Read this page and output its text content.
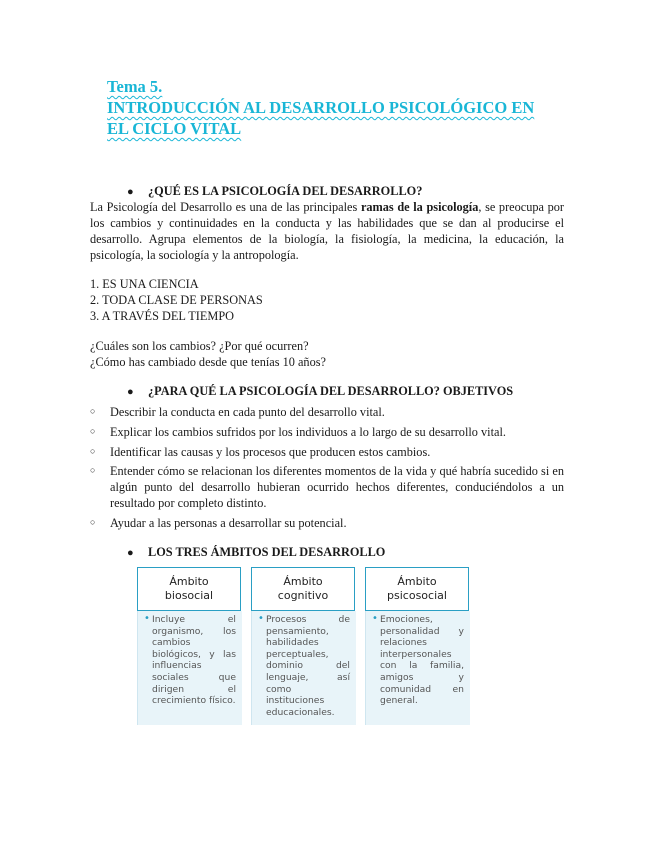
Tema 5.
INTRODUCCIÓN AL DESARROLLO PSICOLÓGICO EN
EL CICLO VITAL
● ¿QUÉ ES LA PSICOLOGÍA DEL DESARROLLO?
La Psicología del Desarrollo es una de las principales ramas de la psicología, se preocupa por los cambios y continuidades en la conducta y las habilidades que se dan al producirse el desarrollo. Agrupa elementos de la biología, la fisiología, la medicina, la educación, la psicología, la sociología y la antropología.
1. ES UNA CIENCIA
2. TODA CLASE DE PERSONAS
3. A TRAVÉS DEL TIEMPO
¿Cuáles son los cambios? ¿Por qué ocurren?
¿Cómo has cambiado desde que tenías 10 años?
● ¿PARA QUÉ LA PSICOLOGÍA DEL DESARROLLO? OBJETIVOS
○ Describir la conducta en cada punto del desarrollo vital.
○ Explicar los cambios sufridos por los individuos a lo largo de su desarrollo vital.
○ Identificar las causas y los procesos que producen estos cambios.
○ Entender cómo se relacionan los diferentes momentos de la vida y qué habría sucedido si en algún punto del desarrollo hubieran ocurrido hechos diferentes, conduciéndolos a un resultado por completo distinto.
○ Ayudar a las personas a desarrollar su potencial.
● LOS TRES ÁMBITOS DEL DESARROLLO
Ámbito
biosocial
• Incluye el organismo, los cambios biológicos, y las influencias sociales que dirigen el crecimiento físico.
Ámbito
cognitivo
• Procesos de pensamiento, habilidades perceptuales, dominio del lenguaje, así como instituciones educacionales.
Ámbito
psicosocial
• Emociones, personalidad y relaciones interpersonales con la familia, amigos y comunidad en general.
